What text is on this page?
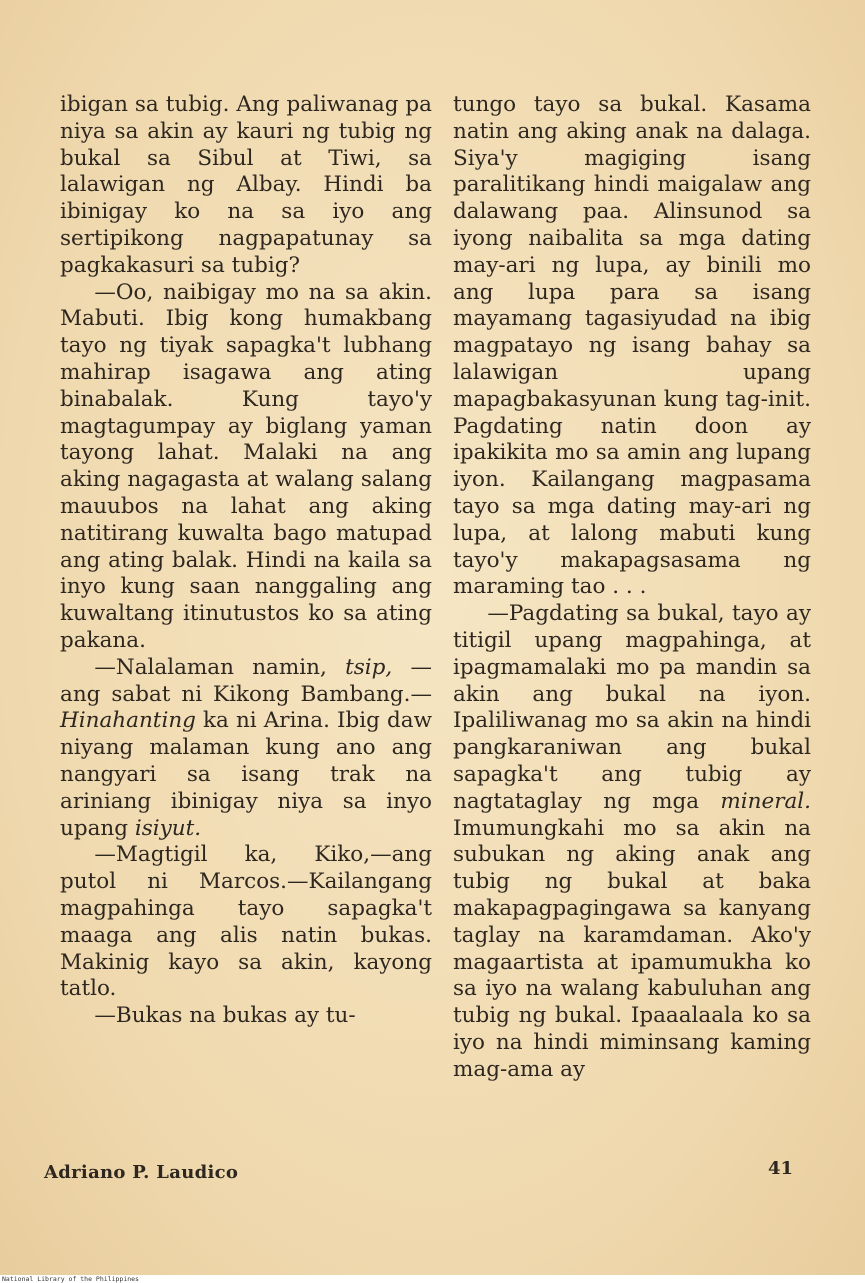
ibigan sa tubig. Ang paliwanag pa niya sa akin ay kauri ng tubig ng bukal sa Sibul at Tiwi, sa lalawigan ng Albay. Hindi ba ibinigay ko na sa iyo ang sertipikong nagpapatunay sa pagkakasuri sa tubig?

—Oo, naibigay mo na sa akin. Mabuti. Ibig kong humakbang tayo ng tiyak sapagka't lubhang mahirap isagawa ang ating binabalak. Kung tayo'y magtagumpay ay biglang yaman tayong lahat. Malaki na ang aking nagagasta at walang salang mauubos na lahat ang aking natitirang kuwalta bago matupad ang ating balak. Hindi na kaila sa inyo kung saan nanggaling ang kuwaltang itinutustos ko sa ating pakana.

—Nalalaman namin, tsip, —ang sabat ni Kikong Bambang.—Hinahanting ka ni Arina. Ibig daw niyang malaman kung ano ang nangyari sa isang trak na ariniang ibinigay niya sa inyo upang isiyut.

—Magtigil ka, Kiko,—ang putol ni Marcos.—Kailangang magpahinga tayo sapagka't maaga ang alis natin bukas. Makinig kayo sa akin, kayong tatlo.

—Bukas na bukas ay tu-

tungo tayo sa bukal. Kasama natin ang aking anak na dalaga. Siya'y magiging isang paralitikang hindi maigalaw ang dalawang paa. Alinsunod sa iyong naibalita sa mga dating may-ari ng lupa, ay binili mo ang lupa para sa isang mayamang tagasiyudad na ibig magpatayo ng isang bahay sa lalawigan upang mapagbakasyunan kung tag-init. Pagdating natin doon ay ipakikita mo sa amin ang lupang iyon. Kailangang magpasama tayo sa mga dating may-ari ng lupa, at lalong mabuti kung tayo'y makapagsasama ng maraming tao . . .

—Pagdating sa bukal, tayo ay titigil upang magpahinga, at ipagmamalaki mo pa mandin sa akin ang bukal na iyon. Ipaliliwanag mo sa akin na hindi pangkaraniwan ang bukal sapagka't ang tubig ay nagtataglay ng mga mineral. Imumungkahi mo sa akin na subukan ng aking anak ang tubig ng bukal at baka makapagpagingawa sa kanyang taglay na karamdaman. Ako'y magaartista at ipamumukha ko sa iyo na walang kabuluhan ang tubig ng bukal. Ipaaalaala ko sa iyo na hindi miminsang kaming mag-ama ay

Adriano P. Laudico	41
National Library of the Philippines
